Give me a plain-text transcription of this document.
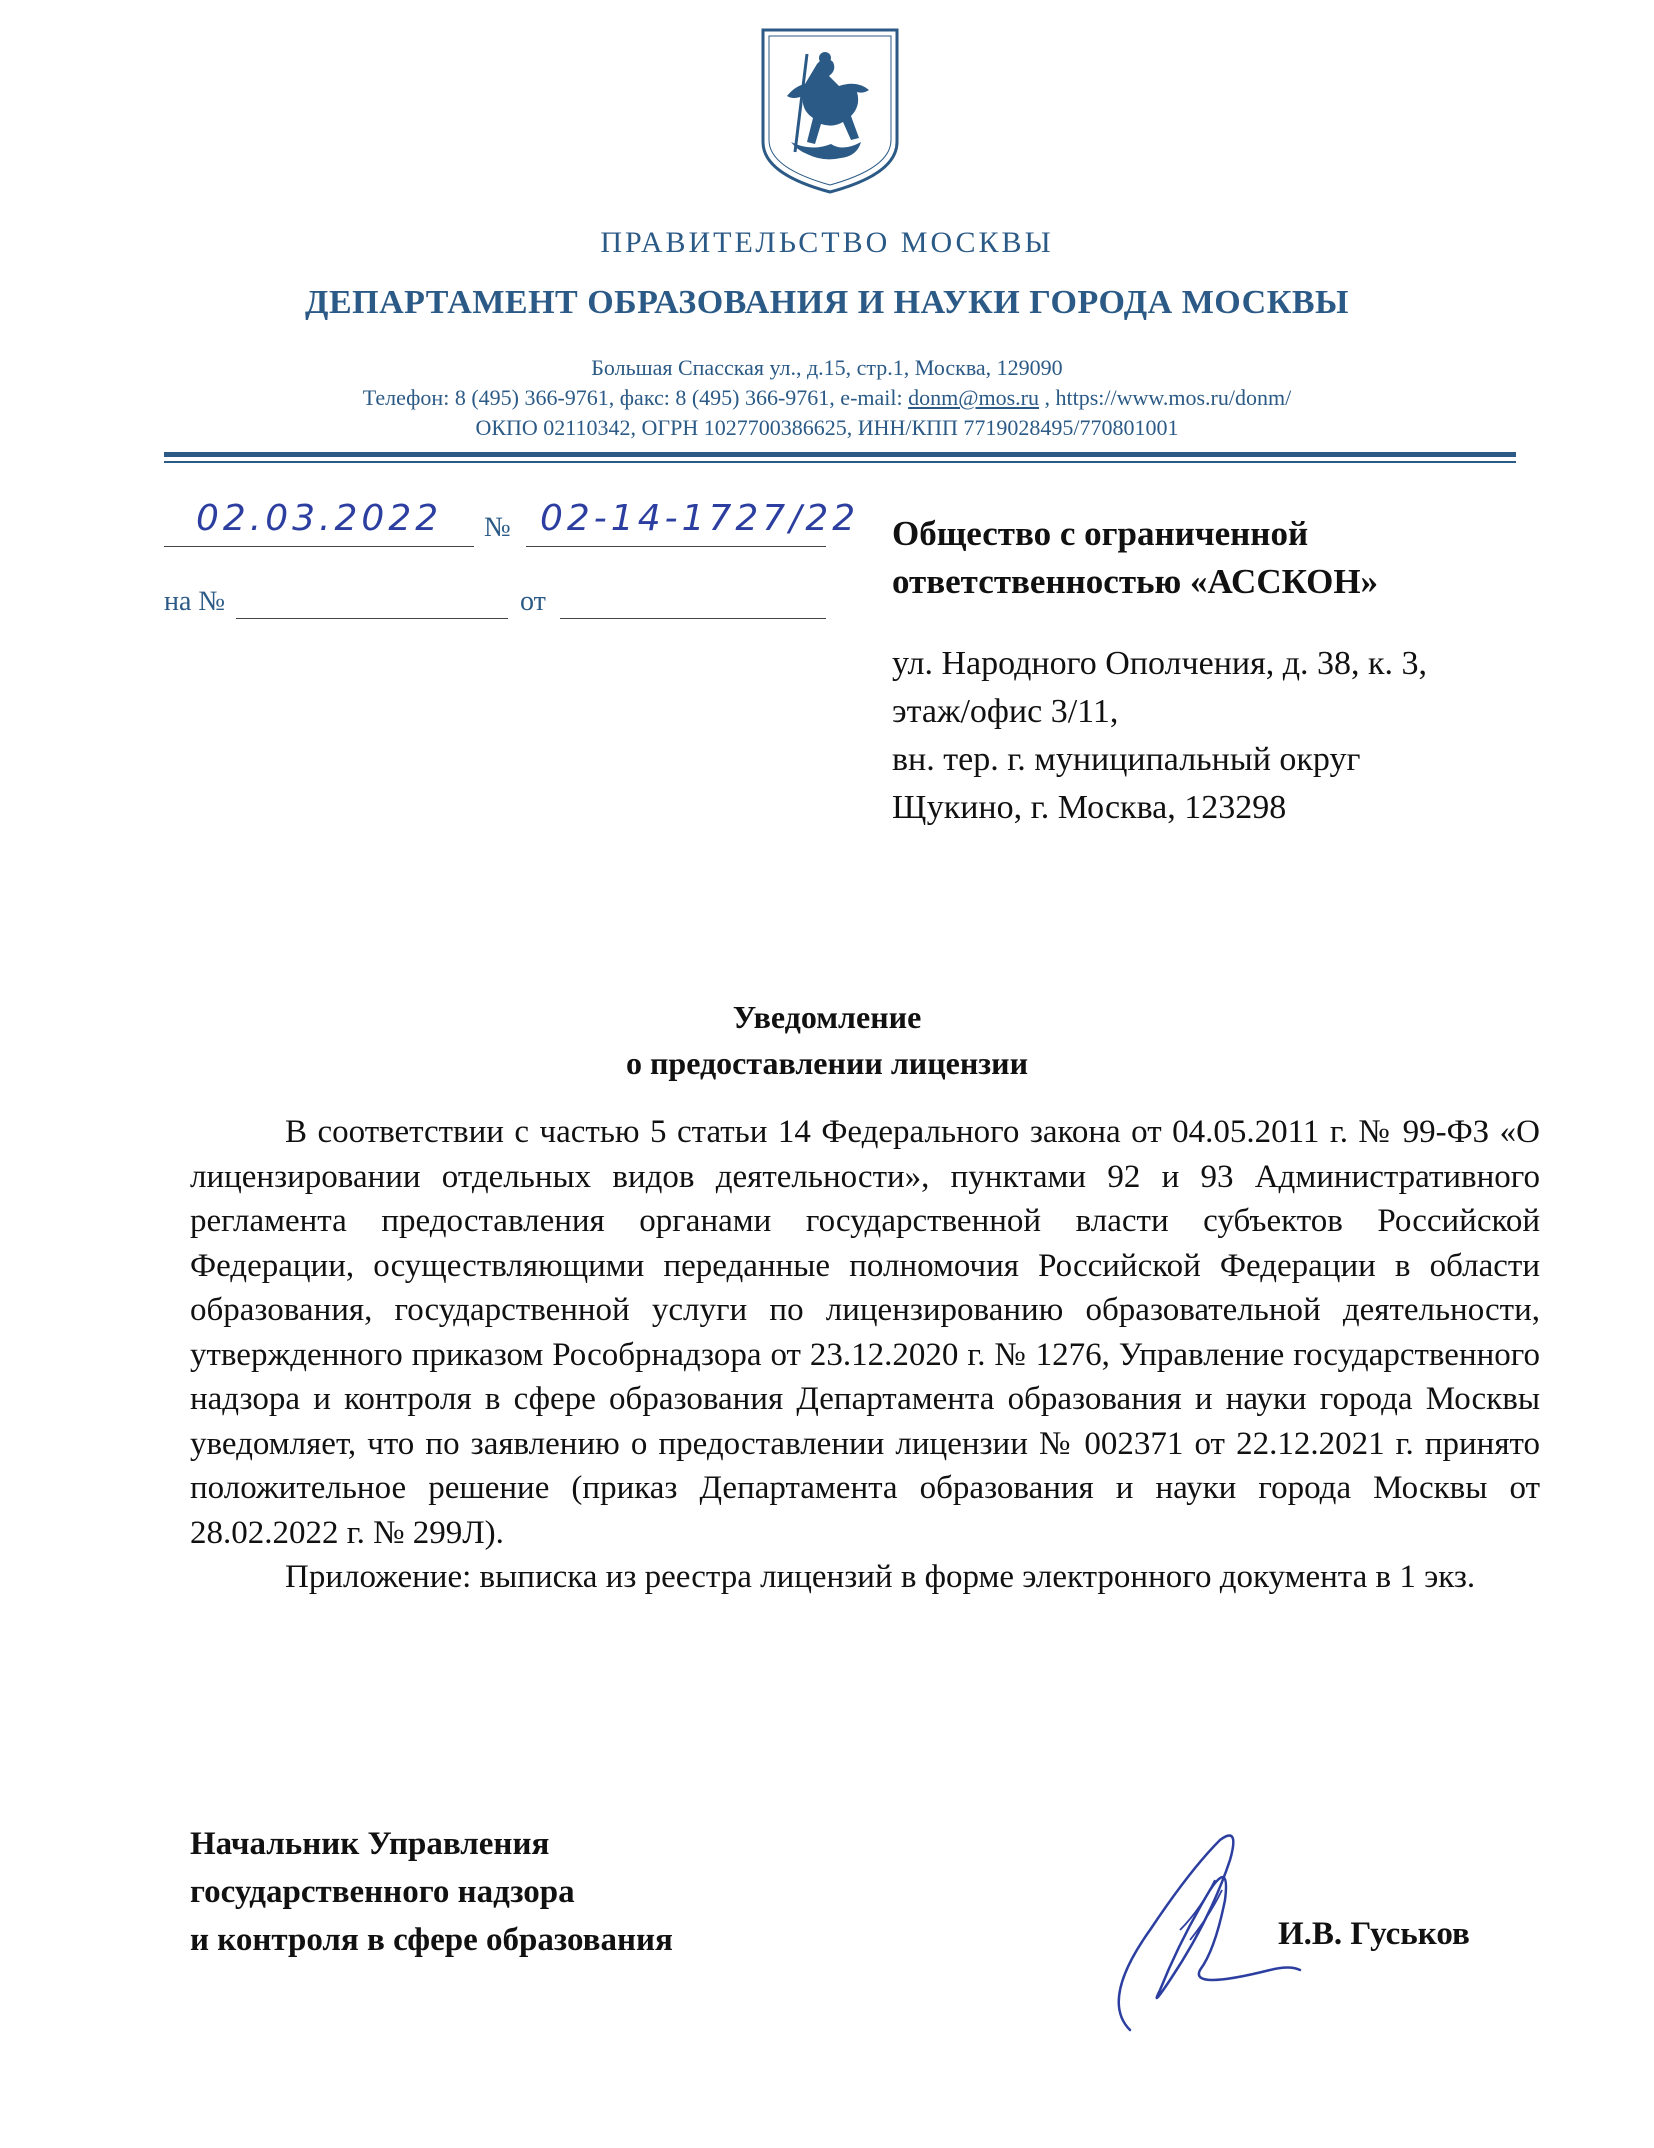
ПРАВИТЕЛЬСТВО МОСКВЫ
ДЕПАРТАМЕНТ ОБРАЗОВАНИЯ И НАУКИ ГОРОДА МОСКВЫ
Большая Спасская ул., д.15, стр.1, Москва, 129090
Телефон: 8 (495) 366-9761, факс: 8 (495) 366-9761, e-mail: donm@mos.ru , https://www.mos.ru/donm/
ОКПО 02110342, ОГРН 1027700386625, ИНН/КПП 7719028495/770801001
02.03.2022 № 02-14-1727/22
на №	от
Общество с ограниченной
ответственностью «АССКОН»
ул. Народного Ополчения, д. 38, к. 3,
этаж/офис 3/11,
вн. тер. г. муниципальный округ
Щукино, г. Москва, 123298
Уведомление
о предоставлении лицензии

В соответствии с частью 5 статьи 14 Федерального закона от 04.05.2011 г. № 99-ФЗ «О лицензировании отдельных видов деятельности», пунктами 92 и 93 Административного регламента предоставления органами государственной власти субъектов Российской Федерации, осуществляющими переданные полномочия Российской Федерации в области образования, государственной услуги по лицензированию образовательной деятельности, утвержденного приказом Рособрнадзора от 23.12.2020 г. № 1276, Управление государственного надзора и контроля в сфере образования Департамента образования и науки города Москвы уведомляет, что по заявлению о предоставлении лицензии № 002371 от 22.12.2021 г. принято положительное решение (приказ Департамента образования и науки города Москвы от 28.02.2022 г. № 299Л).

Приложение: выписка из реестра лицензий в форме электронного документа в 1 экз.

Начальник Управления
государственного надзора
и контроля в сфере образования	И.В. Гуськов
